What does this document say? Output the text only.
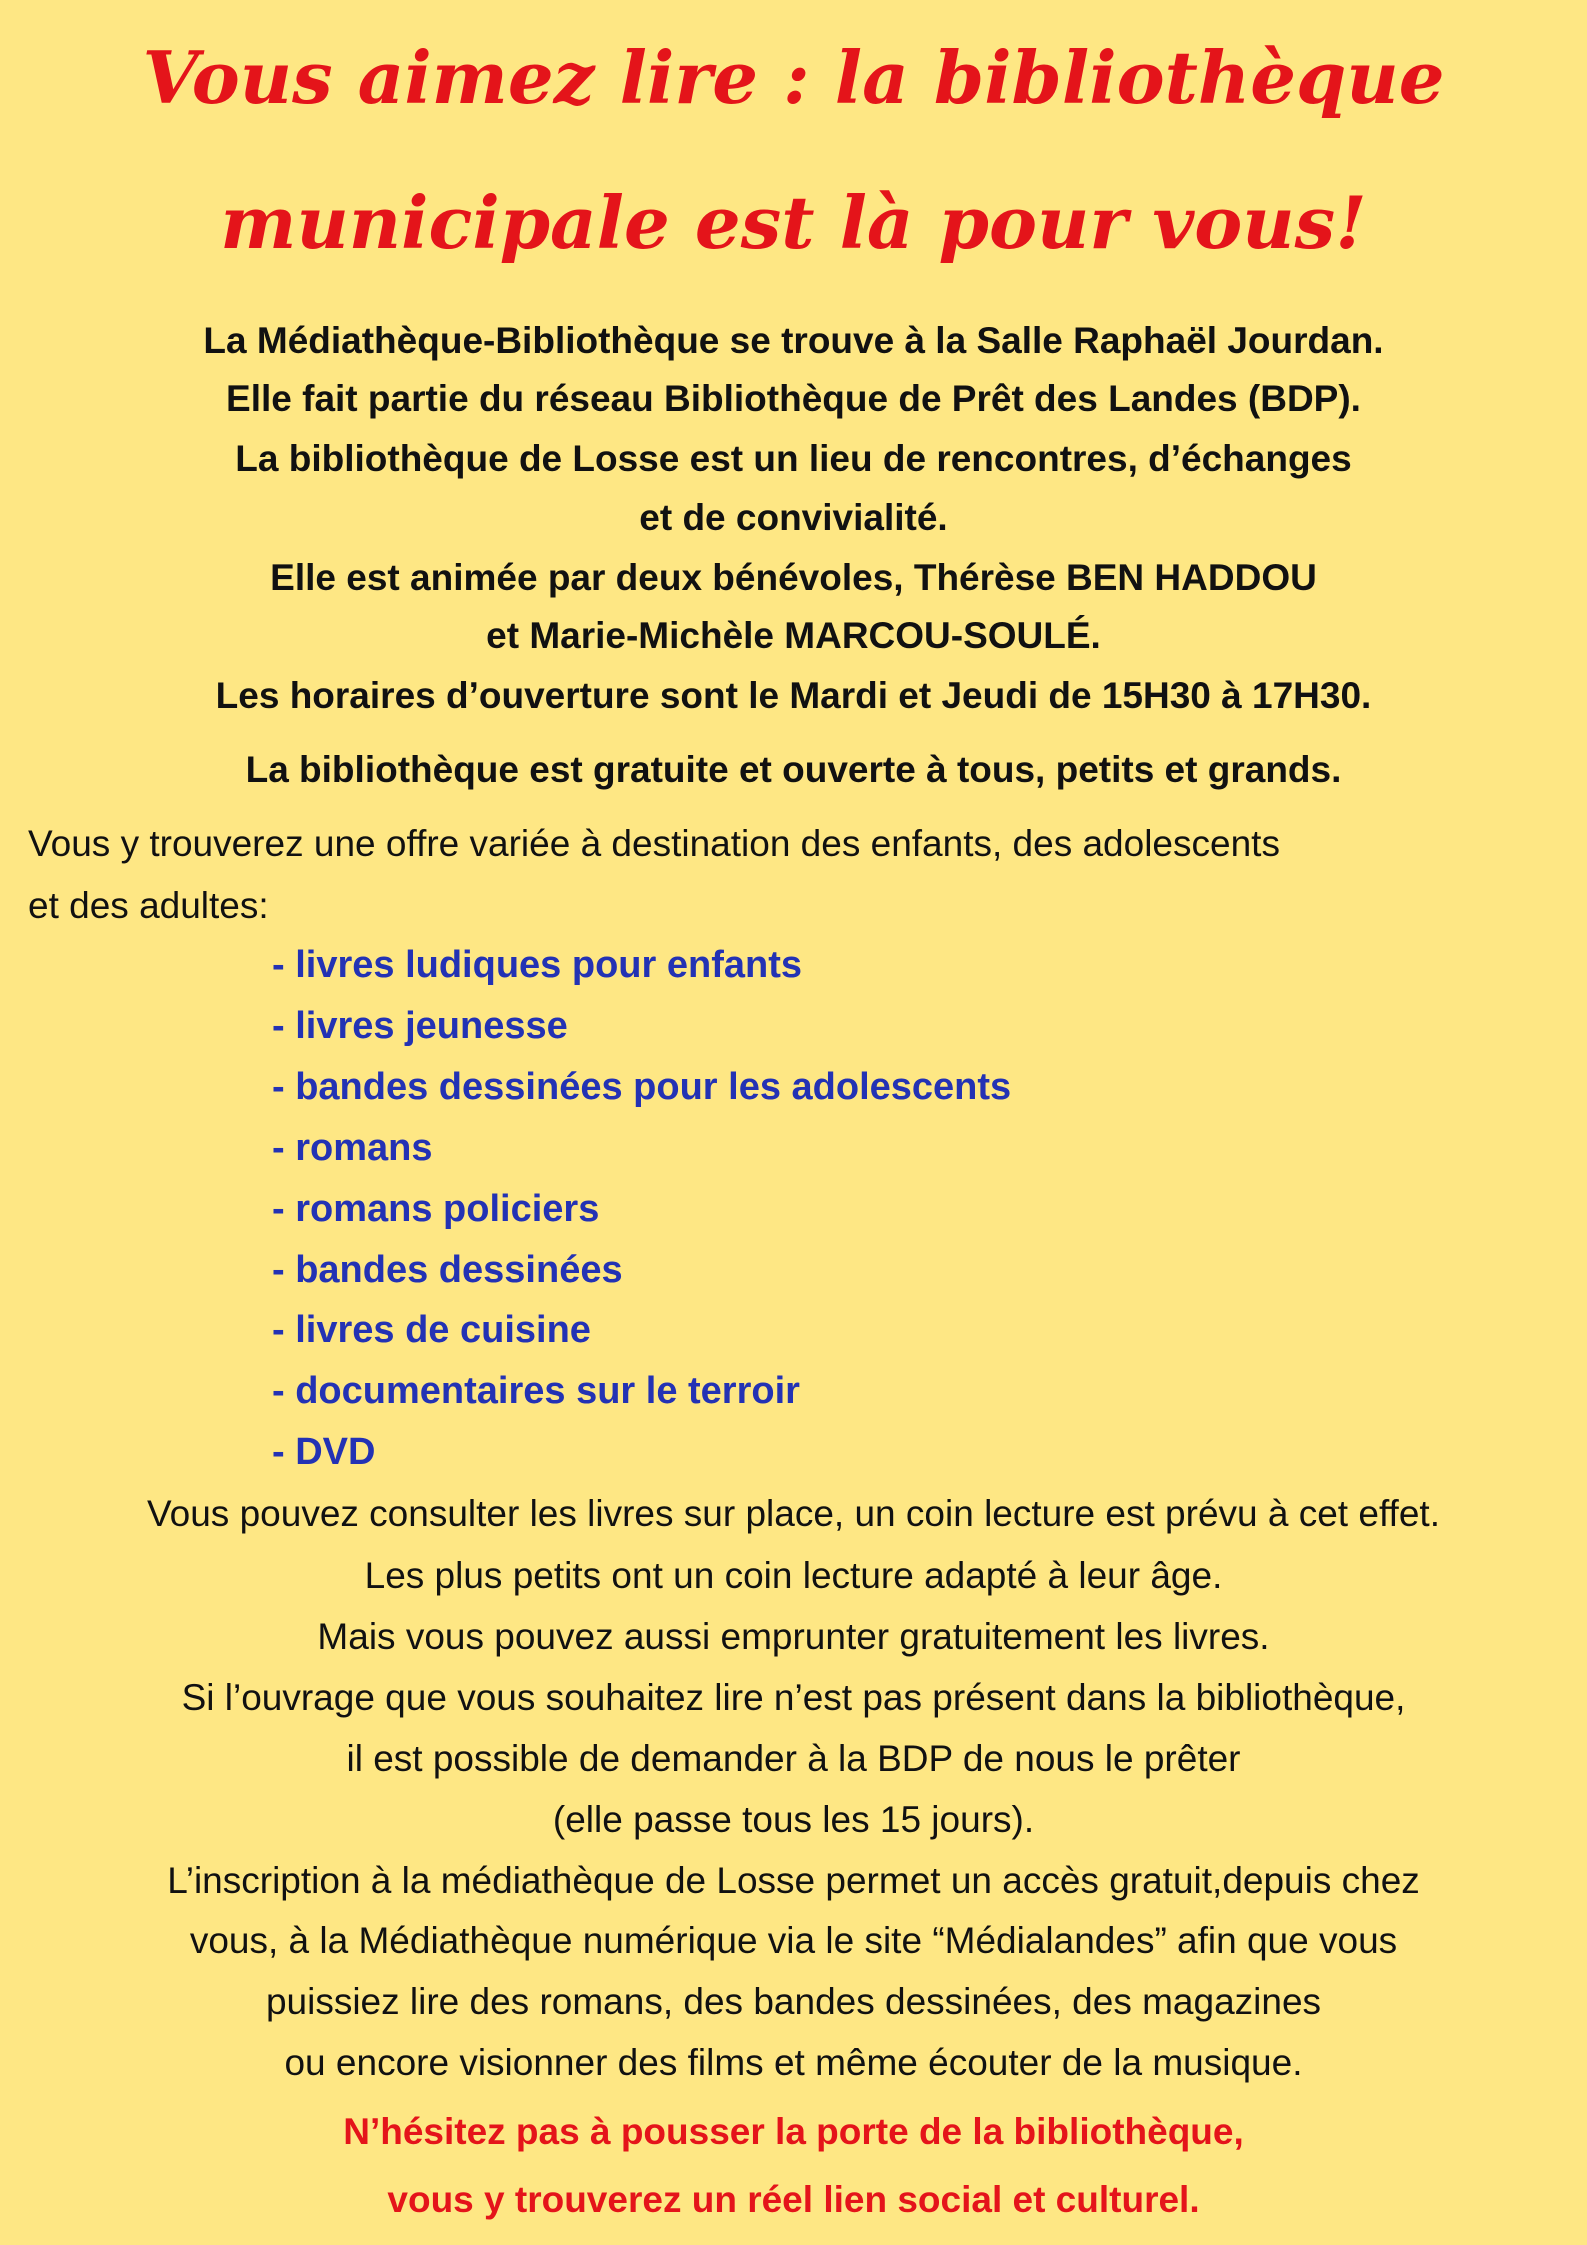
Vous aimez lire : la bibliothèque
municipale est là pour vous!
La Médiathèque-Bibliothèque se trouve à la Salle Raphaël Jourdan.
Elle fait partie du réseau Bibliothèque de Prêt des Landes (BDP).
La bibliothèque de Losse est un lieu de rencontres, d’échanges
et de convivialité.
Elle est animée par deux bénévoles, Thérèse BEN HADDOU
et Marie-Michèle MARCOU-SOULÉ.
Les horaires d’ouverture sont le Mardi et Jeudi de 15H30 à 17H30.
La bibliothèque est gratuite et ouverte à tous, petits et grands.
Vous y trouverez une offre variée à destination des enfants, des adolescents
et des adultes:
- livres ludiques pour enfants
- livres jeunesse
- bandes dessinées pour les adolescents
- romans
- romans policiers
- bandes dessinées
- livres de cuisine
- documentaires sur le terroir
- DVD
Vous pouvez consulter les livres sur place, un coin lecture est prévu à cet effet.
Les plus petits ont un coin lecture adapté à leur âge.
Mais vous pouvez aussi emprunter gratuitement les livres.
Si l’ouvrage que vous souhaitez lire n’est pas présent dans la bibliothèque,
il est possible de demander à la BDP de nous le prêter
(elle passe tous les 15 jours).
L’inscription à la médiathèque de Losse permet un accès gratuit,depuis chez
vous, à la Médiathèque numérique via le site “Médialandes” afin que vous
puissiez lire des romans, des bandes dessinées, des magazines
ou encore visionner des films et même écouter de la musique.
N’hésitez pas à pousser la porte de la bibliothèque,
vous y trouverez un réel lien social et culturel.
